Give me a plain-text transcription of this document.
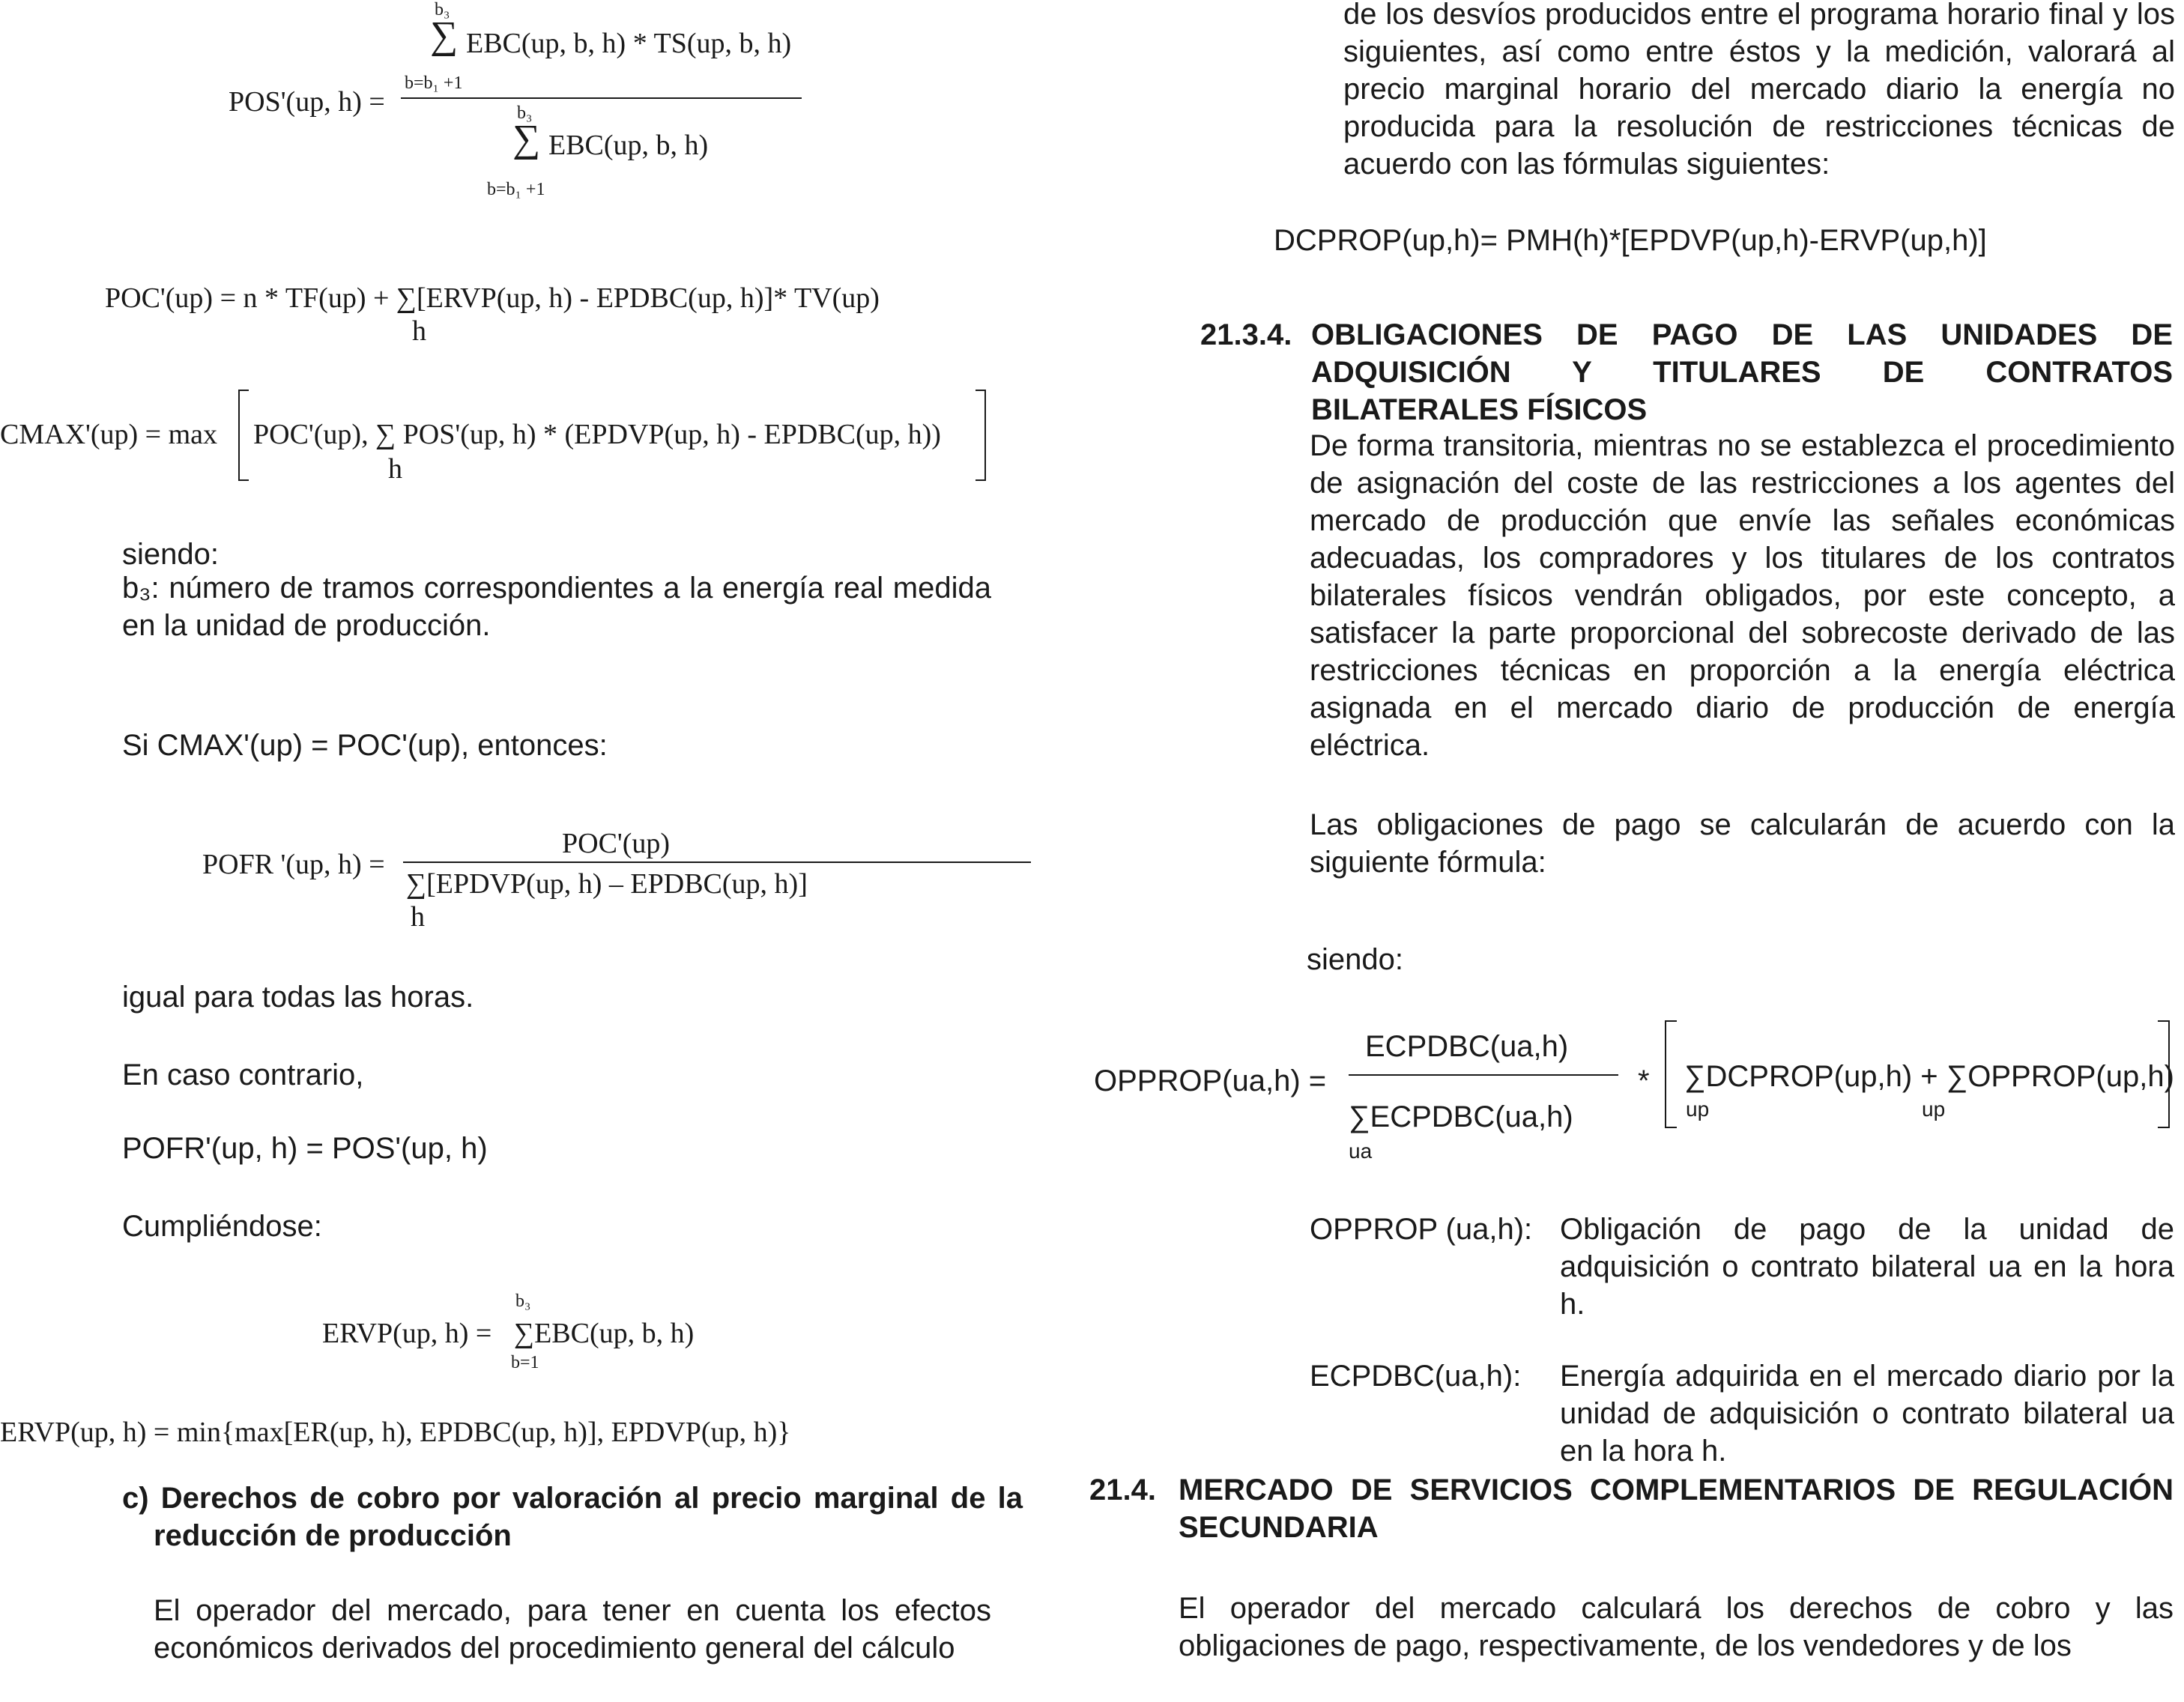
b₃
∑ EBC(up, b, h) * TS(up, b, h)
b=b₁ +1
POS'(up, h) =	b₃
∑ EBC(up, b, h)
b=b₁ +1
POC'(up) = n * TF(up) + ∑[ERVP(up, h) - EPDBC(up, h)]* TV(up)
h
CMAX'(up) = max POC'(up), ∑ POS'(up, h) * (EPDVP(up, h) - EPDBC(up, h))
h
siendo:
b₃: número de tramos correspondientes a la energía real medida en la unidad de producción.
Si CMAX'(up) = POC'(up), entonces:
POFR '(up, h) =
POC'(up)
∑[EPDVP(up, h) – EPDBC(up, h)]
h
igual para todas las horas.
En caso contrario,
POFR'(up, h) = POS'(up, h)
Cumpliéndose:
ERVP(up, h) =
b₃
∑EBC(up, b, h)
b=1
ERVP(up, h) = min{max[ER(up, h), EPDBC(up, h)], EPDVP(up, h)}
c) Derechos de cobro por valoración al precio marginal de la reducción de producción
El operador del mercado, para tener en cuenta los efectos económicos derivados del procedimiento general del cálculo
de los desvíos producidos entre el programa horario final y los siguientes, así como entre éstos y la medición, valorará al precio marginal horario del mercado diario la energía no producida para la resolución de restricciones técnicas de acuerdo con las fórmulas siguientes:
DCPROP(up,h)= PMH(h)*[EPDVP(up,h)-ERVP(up,h)]
21.3.4. OBLIGACIONES DE PAGO DE LAS UNIDADES DE ADQUISICIÓN Y TITULARES DE CONTRATOS BILATERALES FÍSICOS
De forma transitoria, mientras no se establezca el procedimiento de asignación del coste de las restricciones a los agentes del mercado de producción que envíe las señales económicas adecuadas, los compradores y los titulares de los contratos bilaterales físicos vendrán obligados, por este concepto, a satisfacer la parte proporcional del sobrecoste derivado de las restricciones técnicas en proporción a la energía eléctrica asignada en el mercado diario de producción de energía eléctrica.
Las obligaciones de pago se calcularán de acuerdo con la siguiente fórmula:
siendo:
OPPROP(ua,h) =
ECPDBC(ua,h)
∑ECPDBC(ua,h)
ua
*	∑DCPROP(up,h) + ∑OPPROP(up,h)
up	up
OPPROP (ua,h): Obligación de pago de la unidad de adquisición o contrato bilateral ua en la hora h.
ECPDBC(ua,h): Energía adquirida en el mercado diario por la unidad de adquisición o contrato bilateral ua en la hora h.
21.4. MERCADO DE SERVICIOS COMPLEMENTARIOS DE REGULACIÓN SECUNDARIA
El operador del mercado calculará los derechos de cobro y las obligaciones de pago, respectivamente, de los vendedores y de los
